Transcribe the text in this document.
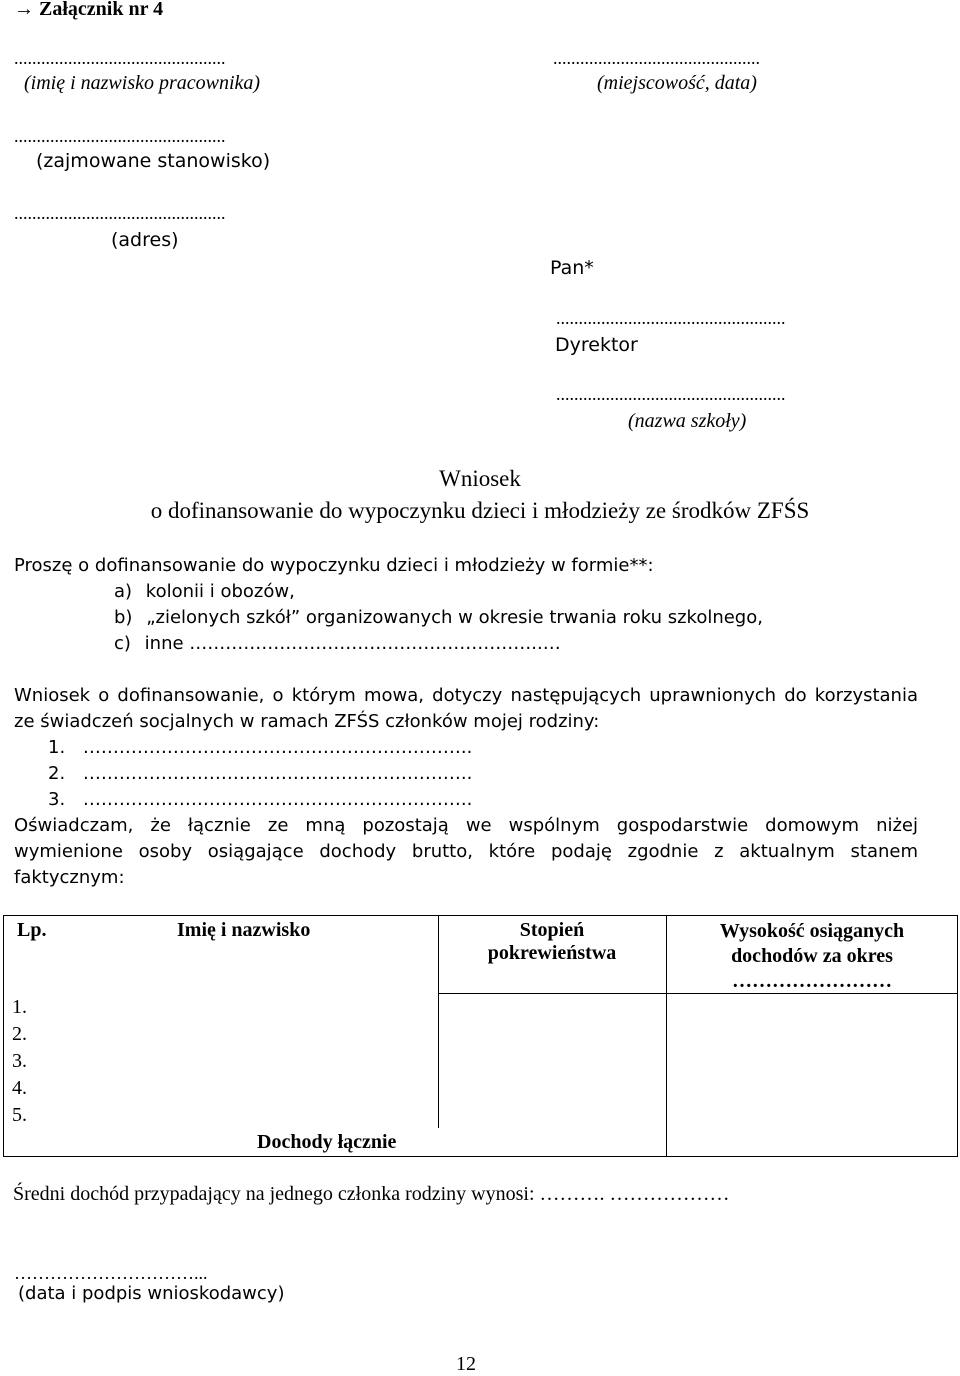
→ Załącznik nr 4
...............................................
(imię i nazwisko pracownika)
...............................................
(zajmowane stanowisko)
...............................................
(adres)
..............................................
(miejscowość, data)
Pan*
...................................................
Dyrektor
...................................................
(nazwa szkoły)
Wniosek
o dofinansowanie do wypoczynku dzieci i młodzieży ze środków ZFŚS
Proszę o dofinansowanie do wypoczynku dzieci i młodzieży w formie**:
a) kolonii i obozów,
b) „zielonych szkół” organizowanych w okresie trwania roku szkolnego,
c) inne …………………………………………………..…
Wniosek o dofinansowanie, o którym mowa, dotyczy następujących uprawnionych do korzystania
ze świadczeń socjalnych w ramach ZFŚS członków mojej rodziny:
1. ………………………………………………………..
2. ………………………………………………………..
3. ………………………………………………………..
Oświadczam, że łącznie ze mną pozostają we wspólnym gospodarstwie domowym niżej
wymienione osoby osiągające dochody brutto, które podaję zgodnie z aktualnym stanem
faktycznym:
Lp.	Imię i nazwisko	Stopień
pokrewieństwa
Wysokość osiąganych
dochodów za okres
……………………
1.
2.
3.
4.
5.
Dochody łącznie
Średni dochód przypadający na jednego członka rodziny wynosi: ………. ………………
…………………………...
(data i podpis wnioskodawcy)
12
